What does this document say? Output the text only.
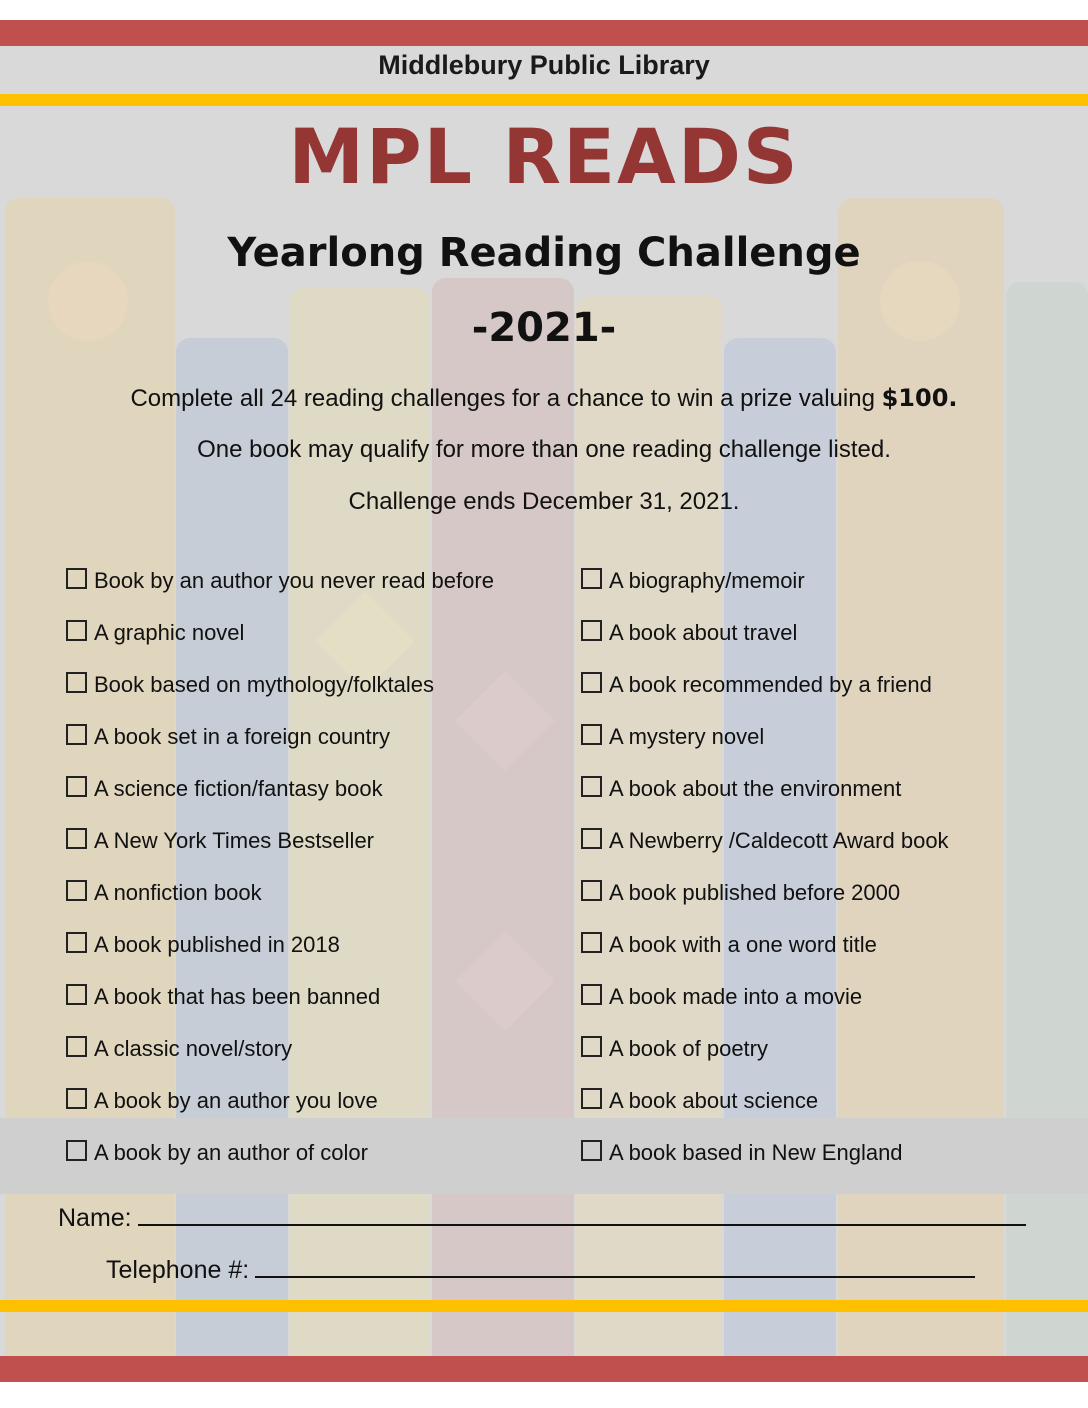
Middlebury Public Library
MPL READS
Yearlong Reading Challenge
-2021-
Complete all 24 reading challenges for a chance to win a prize valuing $100.
One book may qualify for more than one reading challenge listed.
Challenge ends December 31, 2021.
Book by an author you never read before
A graphic novel
Book based on mythology/folktales
A book set in a foreign country
A science fiction/fantasy book
A New York Times Bestseller
A nonfiction book
A book published in 2018
A book that has been banned
A classic novel/story
A book by an author you love
A book by an author of color
A biography/memoir
A book about travel
A book recommended by a friend
A mystery novel
A book about the environment
A Newberry /Caldecott Award book
A book published before 2000
A book with a one word title
A book made into a movie
A book of poetry
A book about science
A book based in New England
Name:
Telephone #:
